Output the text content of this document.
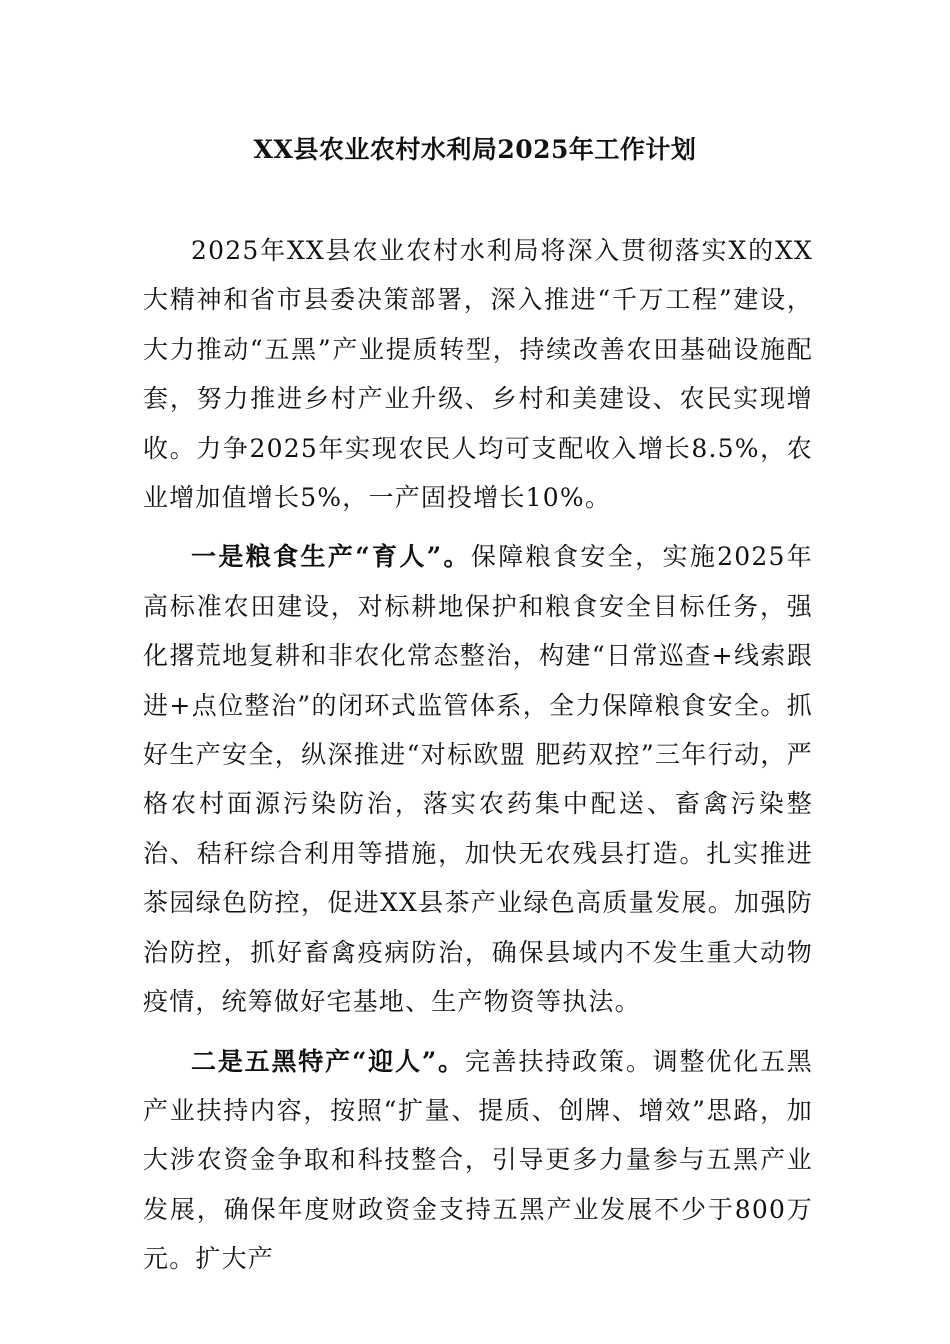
XX县农业农村水利局2025年工作计划

2025年XX县农业农村水利局将深入贯彻落实X的XX大精神和省市县委决策部署，深入推进“千万工程”建设，大力推动“五黑”产业提质转型，持续改善农田基础设施配套，努力推进乡村产业升级、乡村和美建设、农民实现增收。力争2025年实现农民人均可支配收入增长8.5%，农业增加值增长5%，一产固投增长10%。

一是粮食生产“育人”。保障粮食安全，实施2025年高标准农田建设，对标耕地保护和粮食安全目标任务，强化撂荒地复耕和非农化常态整治，构建“日常巡查+线索跟进+点位整治”的闭环式监管体系，全力保障粮食安全。抓好生产安全，纵深推进“对标欧盟 肥药双控”三年行动，严格农村面源污染防治，落实农药集中配送、畜禽污染整治、秸秆综合利用等措施，加快无农残县打造。扎实推进茶园绿色防控，促进XX县茶产业绿色高质量发展。加强防治防控，抓好畜禽疫病防治，确保县域内不发生重大动物疫情，统筹做好宅基地、生产物资等执法。

二是五黑特产“迎人”。完善扶持政策。调整优化五黑产业扶持内容，按照“扩量、提质、创牌、增效”思路，加大涉农资金争取和科技整合，引导更多力量参与五黑产业发展，确保年度财政资金支持五黑产业发展不少于800万元。扩大产
